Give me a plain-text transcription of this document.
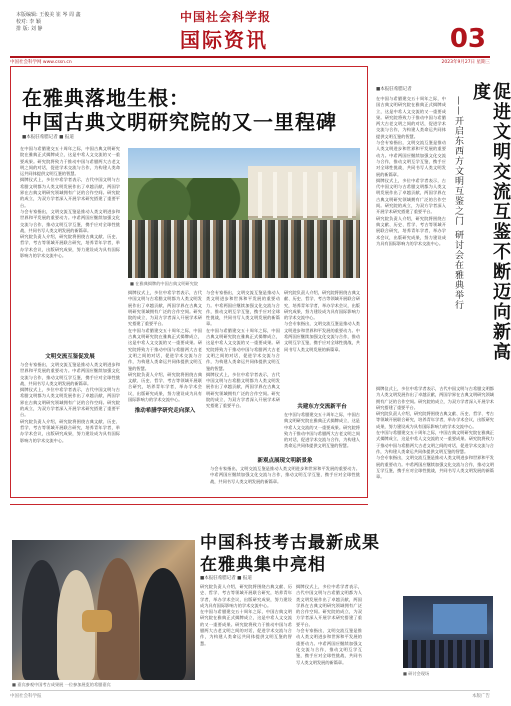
本版编辑: 王俊美 崔 岑 周 鑫
校对: 李 颖
排 版: 刘 静
中国社会科学报
国际资讯	03
中国社会科学网 www.cssn.cn	2023年9月27日 星期三
在雅典落地生根：
中国古典文明研究院的又一里程碑
■本报驻希腊记者 ■ 报道

在中国与希腊建交五十周年之际，中国古典文明研究院在雅典正式揭牌成立，这是中希人文交流的又一重要成果。研究院将致力于推动中国与希腊两大古老文明之间的对话，促进学术交流与合作，为构建人类命运共同体提供文明互鉴的智慧。

揭牌仪式上，多位中希学者表示，古代中国文明与古希腊文明都为人类文明发展作出了卓越贡献，两国学界在古典文明研究领域拥有广泛的合作空间。研究院的成立，为双方学者深入开展学术研究搭建了重要平台。

与会专家指出，文明交流互鉴是推动人类文明进步和世界和平发展的重要动力。中希两国应继续加强文化交流与合作，推动文明互学互鉴，携手应对全球性挑战，共同书写人类文明发展的新篇章。

研究院负责人介绍，研究院将围绕古典文献、历史、哲学、考古等领域开展联合研究，培养青年学者，举办学术会议，出版研究成果，努力建设成为具有国际影响力的学术交流中心。

文明交流互鉴促发展

与会专家指出，文明交流互鉴是推动人类文明进步和世界和平发展的重要动力。中希两国应继续加强文化交流与合作，推动文明互学互鉴，携手应对全球性挑战，共同书写人类文明发展的新篇章。

揭牌仪式上，多位中希学者表示，古代中国文明与古希腊文明都为人类文明发展作出了卓越贡献，两国学界在古典文明研究领域拥有广泛的合作空间。研究院的成立，为双方学者深入开展学术研究搭建了重要平台。

研究院负责人介绍，研究院将围绕古典文献、历史、哲学、考古等领域开展联合研究，培养青年学者，举办学术会议，出版研究成果，努力建设成为具有国际影响力的学术交流中心。

■ 在雅典揭牌的中国古典文明研究院

揭牌仪式上，多位中希学者表示，古代中国文明与古希腊文明都为人类文明发展作出了卓越贡献，两国学界在古典文明研究领域拥有广泛的合作空间。研究院的成立，为双方学者深入开展学术研究搭建了重要平台。

在中国与希腊建交五十周年之际，中国古典文明研究院在雅典正式揭牌成立，这是中希人文交流的又一重要成果。研究院将致力于推动中国与希腊两大古老文明之间的对话，促进学术交流与合作，为构建人类命运共同体提供文明互鉴的智慧。

研究院负责人介绍，研究院将围绕古典文献、历史、哲学、考古等领域开展联合研究，培养青年学者，举办学术会议，出版研究成果，努力建设成为具有国际影响力的学术交流中心。

推动希腊学研究走向深入

与会专家指出，文明交流互鉴是推动人类文明进步和世界和平发展的重要动力。中希两国应继续加强文化交流与合作，推动文明互学互鉴，携手应对全球性挑战，共同书写人类文明发展的新篇章。

在中国与希腊建交五十周年之际，中国古典文明研究院在雅典正式揭牌成立，这是中希人文交流的又一重要成果。研究院将致力于推动中国与希腊两大古老文明之间的对话，促进学术交流与合作，为构建人类命运共同体提供文明互鉴的智慧。

揭牌仪式上，多位中希学者表示，古代中国文明与古希腊文明都为人类文明发展作出了卓越贡献，两国学界在古典文明研究领域拥有广泛的合作空间。研究院的成立，为双方学者深入开展学术研究搭建了重要平台。	共建东方交流新平台

研究院负责人介绍，研究院将围绕古典文献、历史、哲学、考古等领域开展联合研究，培养青年学者，举办学术会议，出版研究成果，努力建设成为具有国际影响力的学术交流中心。

与会专家指出，文明交流互鉴是推动人类文明进步和世界和平发展的重要动力。中希两国应继续加强文化交流与合作，推动文明互学互鉴，携手应对全球性挑战，共同书写人类文明发展的新篇章。

在中国与希腊建交五十周年之际，中国古典文明研究院在雅典正式揭牌成立，这是中希人文交流的又一重要成果。研究院将致力于推动中国与希腊两大古老文明之间的对话，促进学术交流与合作，为构建人类命运共同体提供文明互鉴的智慧。

■本报驻希腊记者	促进文明交流互鉴不断迈向新高度
——开启东西方文明互鉴之门 研讨会在雅典举行

在中国与希腊建交五十周年之际，中国古典文明研究院在雅典正式揭牌成立，这是中希人文交流的又一重要成果。研究院将致力于推动中国与希腊两大古老文明之间的对话，促进学术交流与合作，为构建人类命运共同体提供文明互鉴的智慧。

与会专家指出，文明交流互鉴是推动人类文明进步和世界和平发展的重要动力。中希两国应继续加强文化交流与合作，推动文明互学互鉴，携手应对全球性挑战，共同书写人类文明发展的新篇章。

揭牌仪式上，多位中希学者表示，古代中国文明与古希腊文明都为人类文明发展作出了卓越贡献，两国学界在古典文明研究领域拥有广泛的合作空间。研究院的成立，为双方学者深入开展学术研究搭建了重要平台。

研究院负责人介绍，研究院将围绕古典文献、历史、哲学、考古等领域开展联合研究，培养青年学者，举办学术会议，出版研究成果，努力建设成为具有国际影响力的学术交流中心。

揭牌仪式上，多位中希学者表示，古代中国文明与古希腊文明都为人类文明发展作出了卓越贡献，两国学界在古典文明研究领域拥有广泛的合作空间。研究院的成立，为双方学者深入开展学术研究搭建了重要平台。

研究院负责人介绍，研究院将围绕古典文献、历史、哲学、考古等领域开展联合研究，培养青年学者，举办学术会议，出版研究成果，努力建设成为具有国际影响力的学术交流中心。

在中国与希腊建交五十周年之际，中国古典文明研究院在雅典正式揭牌成立，这是中希人文交流的又一重要成果。研究院将致力于推动中国与希腊两大古老文明之间的对话，促进学术交流与合作，为构建人类命运共同体提供文明互鉴的智慧。

与会专家指出，文明交流互鉴是推动人类文明进步和世界和平发展的重要动力。中希两国应继续加强文化交流与合作，推动文明互学互鉴，携手应对全球性挑战，共同书写人类文明发展的新篇章。

新观点展现文明新景象

与会专家指出，文明交流互鉴是推动人类文明进步和世界和平发展的重要动力。中希两国应继续加强文化交流与合作，推动文明互学互鉴，携手应对全球性挑战，共同书写人类文明发展的新篇章。

中国科技考古最新成果
在雅典集中亮相
■本报驻希腊记者 ■ 报道
■ 嘉宾参观中国考古成果展 一位参加展览的希腊嘉宾

研究院负责人介绍，研究院将围绕古典文献、历史、哲学、考古等领域开展联合研究，培养青年学者，举办学术会议，出版研究成果，努力建设成为具有国际影响力的学术交流中心。

在中国与希腊建交五十周年之际，中国古典文明研究院在雅典正式揭牌成立，这是中希人文交流的又一重要成果。研究院将致力于推动中国与希腊两大古老文明之间的对话，促进学术交流与合作，为构建人类命运共同体提供文明互鉴的智慧。

揭牌仪式上，多位中希学者表示，古代中国文明与古希腊文明都为人类文明发展作出了卓越贡献，两国学界在古典文明研究领域拥有广泛的合作空间。研究院的成立，为双方学者深入开展学术研究搭建了重要平台。

与会专家指出，文明交流互鉴是推动人类文明进步和世界和平发展的重要动力。中希两国应继续加强文化交流与合作，推动文明互学互鉴，携手应对全球性挑战，共同书写人类文明发展的新篇章。

■ 研讨会现场
中国社会科学报	本版广告
